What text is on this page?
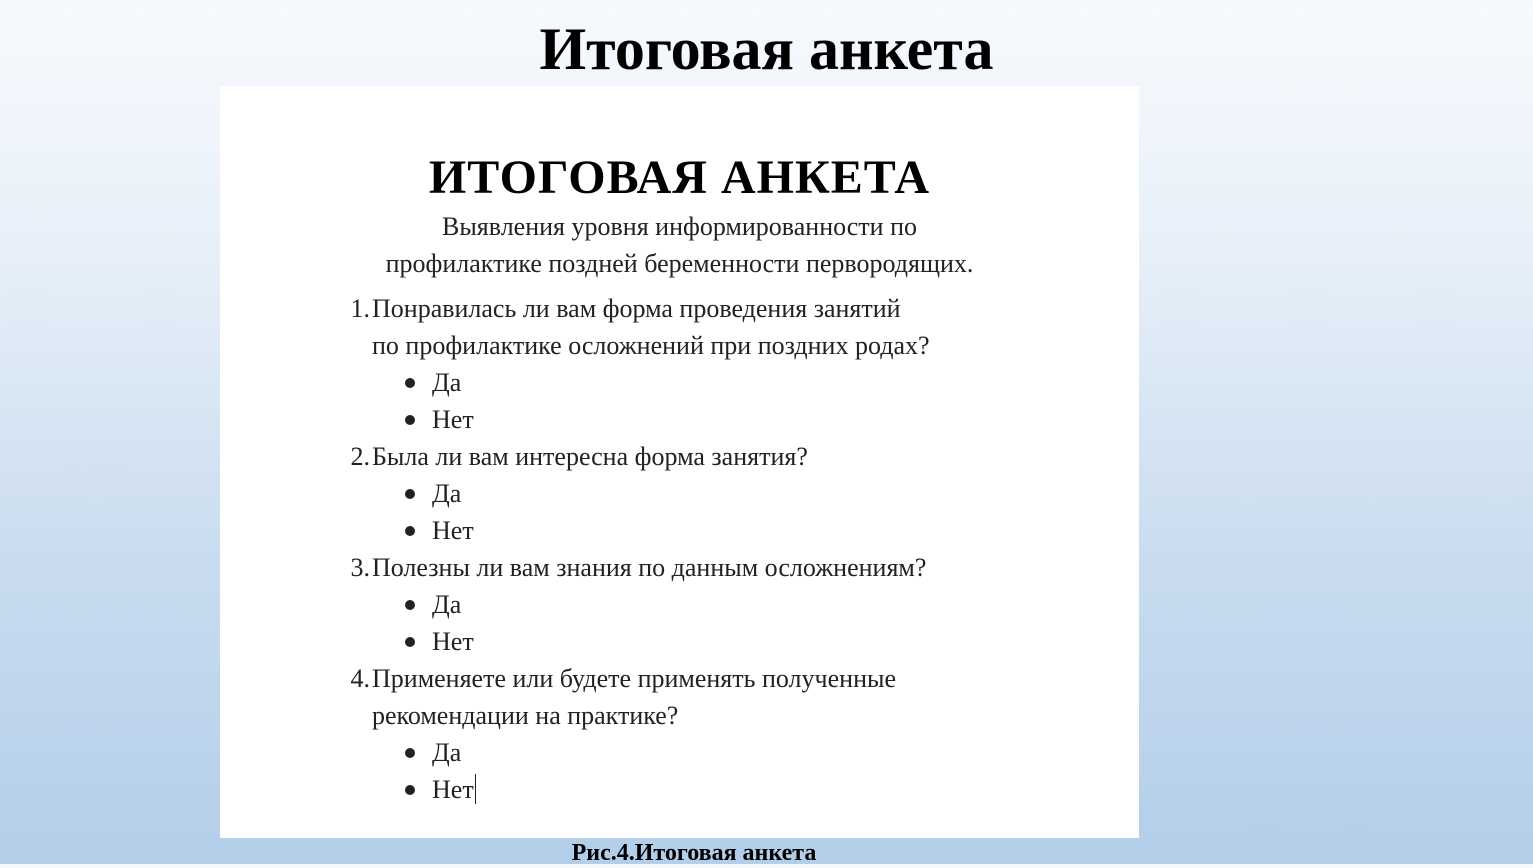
Итоговая анкета
ИТОГОВАЯ АНКЕТА
Выявления уровня информированности по
профилактике поздней беременности первородящих.
1. Понравилась ли вам форма проведения занятий
по профилактике осложнений при поздних родах?
Да
Нет
2. Была ли вам интересна форма занятия?
Да
Нет
3. Полезны ли вам знания по данным осложнениям?
Да
Нет
4. Применяете или будете применять полученные
рекомендации на практике?
Да
Нет
Рис.4.Итоговая анкета
